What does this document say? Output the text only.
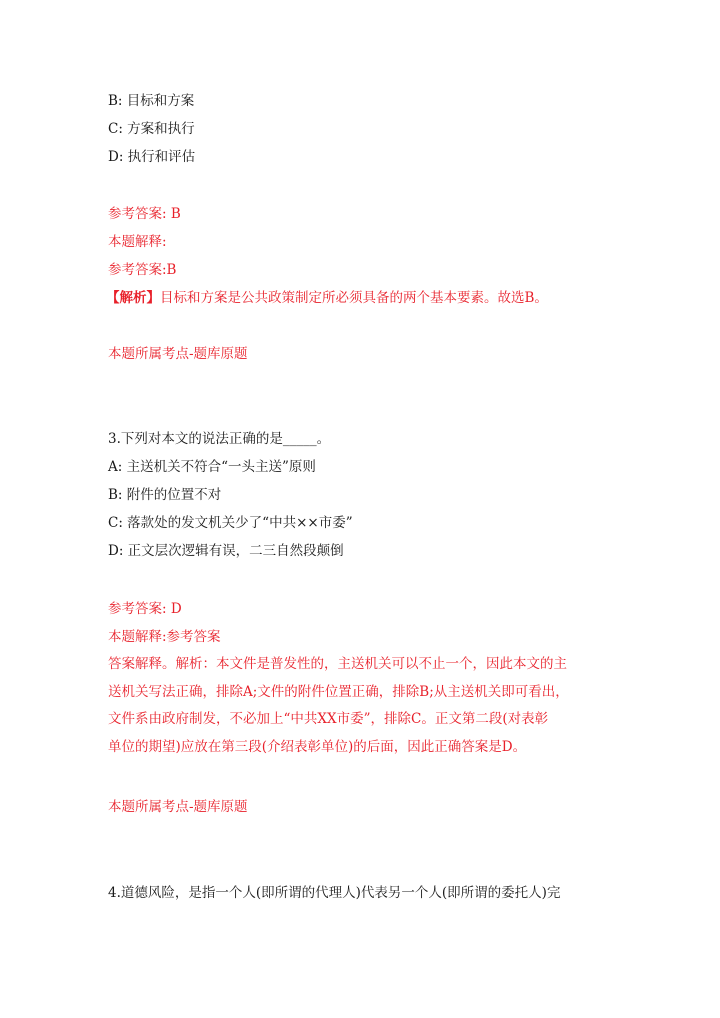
B: 目标和方案
C: 方案和执行
D: 执行和评估
参考答案: B
本题解释:
参考答案:B
【解析】目标和方案是公共政策制定所必须具备的两个基本要素。故选B。
本题所属考点-题库原题
3.下列对本文的说法正确的是_____。
A: 主送机关不符合“一头主送”原则
B: 附件的位置不对
C: 落款处的发文机关少了“中共××市委”
D: 正文层次逻辑有误，二三自然段颠倒
参考答案: D
本题解释:参考答案
答案解释。解析：本文件是普发性的，主送机关可以不止一个，因此本文的主
送机关写法正确，排除A;文件的附件位置正确，排除B;从主送机关即可看出，
文件系由政府制发，不必加上“中共XX市委”，排除C。正文第二段(对表彰
单位的期望)应放在第三段(介绍表彰单位)的后面，因此正确答案是D。
本题所属考点-题库原题
4.道德风险，是指一个人(即所谓的代理人)代表另一个人(即所谓的委托人)完
